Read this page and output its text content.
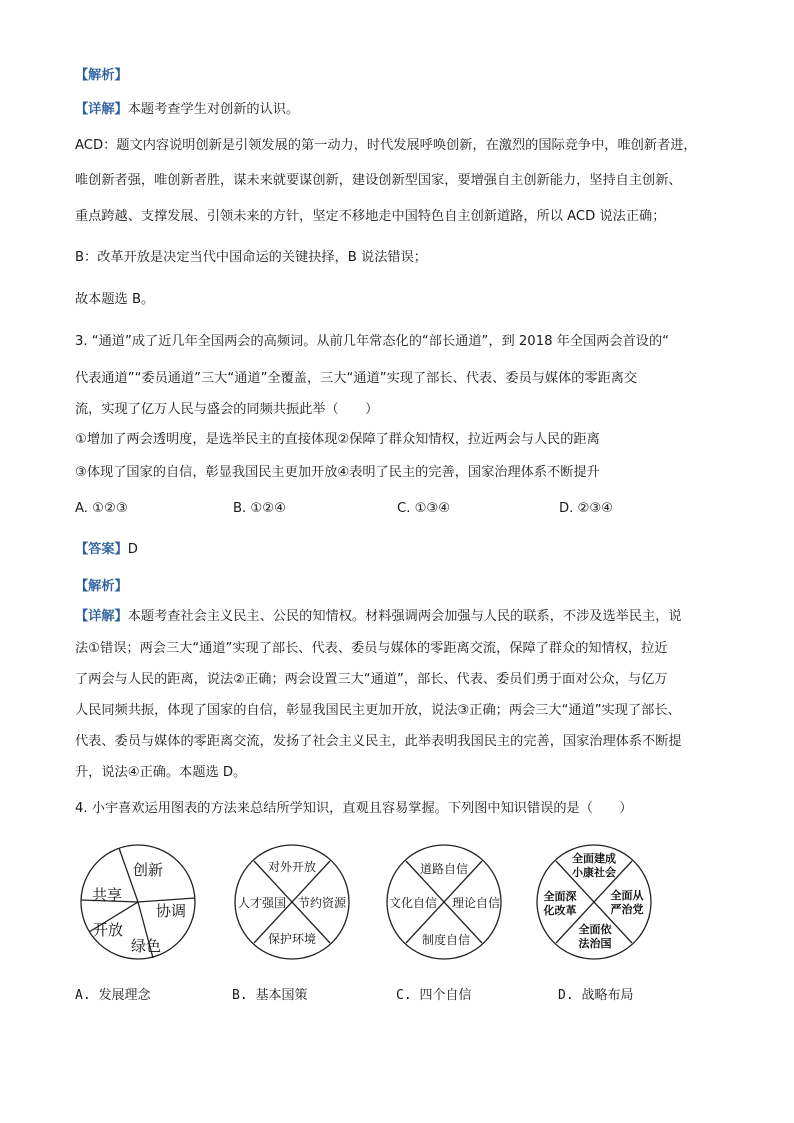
【解析】
【详解】本题考查学生对创新的认识。
ACD：题文内容说明创新是引领发展的第一动力，时代发展呼唤创新，在激烈的国际竞争中，唯创新者进，
唯创新者强，唯创新者胜，谋未来就要谋创新，建设创新型国家，要增强自主创新能力，坚持自主创新、
重点跨越、支撑发展、引领未来的方针，坚定不移地走中国特色自主创新道路，所以 ACD 说法正确；
B：改革开放是决定当代中国命运的关键抉择，B 说法错误；
故本题选 B。
3. “通道”成了近几年全国两会的高频词。从前几年常态化的“部长通道”，到 2018 年全国两会首设的“
代表通道”“委员通道”三大“通道”全覆盖，三大“通道”实现了部长、代表、委员与媒体的零距离交
流，实现了亿万人民与盛会的同频共振此举（　　）
①增加了两会透明度，是选举民主的直接体现②保障了群众知情权，拉近两会与人民的距离
③体现了国家的自信，彰显我国民主更加开放④表明了民主的完善，国家治理体系不断提升
A. ①②③	B. ①②④	C. ①③④	D. ②③④
【答案】D
【解析】
【详解】本题考查社会主义民主、公民的知情权。材料强调两会加强与人民的联系，不涉及选举民主，说
法①错误；两会三大“通道”实现了部长、代表、委员与媒体的零距离交流，保障了群众的知情权，拉近
了两会与人民的距离，说法②正确；两会设置三大“通道”，部长、代表、委员们勇于面对公众，与亿万
人民同频共振，体现了国家的自信，彰显我国民主更加开放，说法③正确；两会三大“通道”实现了部长、
代表、委员与媒体的零距离交流，发扬了社会主义民主，此举表明我国民主的完善，国家治理体系不断提
升，说法④正确。本题选 D。
4. 小宇喜欢运用图表的方法来总结所学知识，直观且容易掌握。下列图中知识错误的是（　　）
创新
协调
绿色
开放
共享
对外开放
节约资源
保护环境
人才强国
道路自信
理论自信
制度自信
文化自信
全面建成
小康社会
全面从
严治党
全面依
法治国
全面深
化改革
A. 发展理念	B. 基本国策	C. 四个自信	D. 战略布局
